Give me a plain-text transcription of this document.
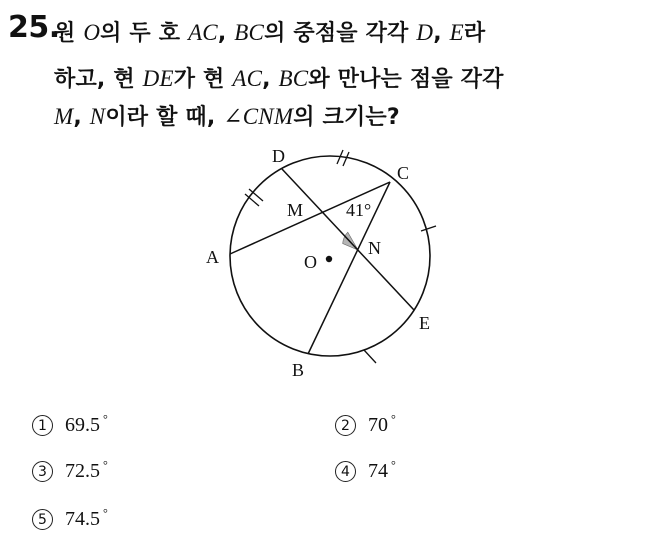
25.
원 O의 두 호 AC, BC의 중점을 각각 D, E라
하고, 현 DE가 현 AC, BC와 만나는 점을 각각
M, N이라 할 때, ∠CNM의 크기는?
D
C
M 41°
N
A	O
E
B
1 69.5 °	2 70 °
3 72.5 °	4 74 °
5 74.5 °
